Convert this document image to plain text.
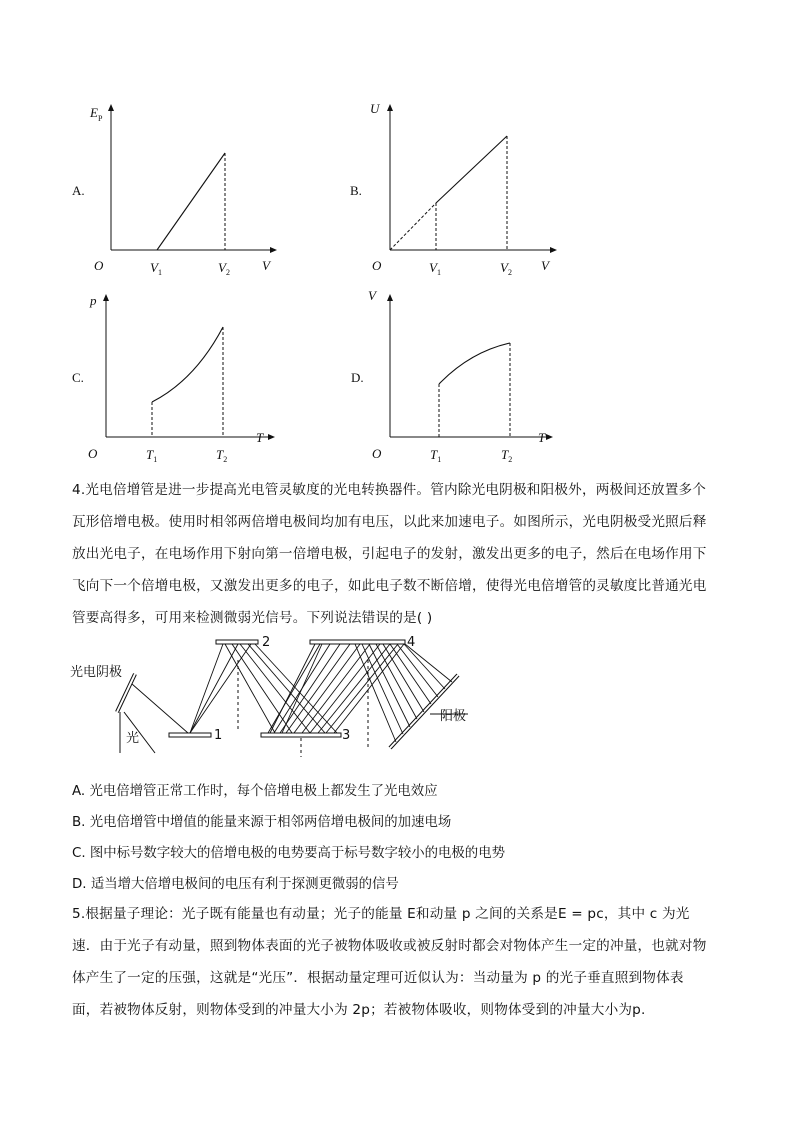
A.
$E_P$
O	$V_1$	$V_2$ V
B.
U
O	$V_1$	$V_2$ V
C.
p
O	$T_1$	$T_2$
T
D.
V
O	$T_1$	$T_2$
T
4.光电倍增管是进一步提高光电管灵敏度的光电转换器件。管内除光电阴极和阳极外，两极间还放置多个 瓦形倍增电极。使用时相邻两倍增电极间均加有电压，以此来加速电子。如图所示，光电阴极受光照后释 放出光电子，在电场作用下射向第一倍增电极，引起电子的发射，激发出更多的电子，然后在电场作用下 飞向下一个倍增电极，又激发出更多的电子，如此电子数不断倍增，使得光电倍增管的灵敏度比普通光电 管要高得多，可用来检测微弱光信号。下列说法错误的是( )
光电阴极
光
阳极
1
2
3
4
A. 光电倍增管正常工作时，每个倍增电极上都发生了光电效应
B. 光电倍增管中增值的能量来源于相邻两倍增电极间的加速电场
C. 图中标号数字较大的倍增电极的电势要高于标号数字较小的电极的电势
D. 适当增大倍增电极间的电压有利于探测更微弱的信号
5.根据量子理论：光子既有能量也有动量；光子的能量 E和动量 p 之间的关系是E = pc，其中 c 为光 速．由于光子有动量，照到物体表面的光子被物体吸收或被反射时都会对物体产生一定的冲量，也就对物 体产生了一定的压强，这就是“光压”．根据动量定理可近似认为：当动量为 p 的光子垂直照到物体表 面，若被物体反射，则物体受到的冲量大小为 2p；若被物体吸收，则物体受到的冲量大小为p.
